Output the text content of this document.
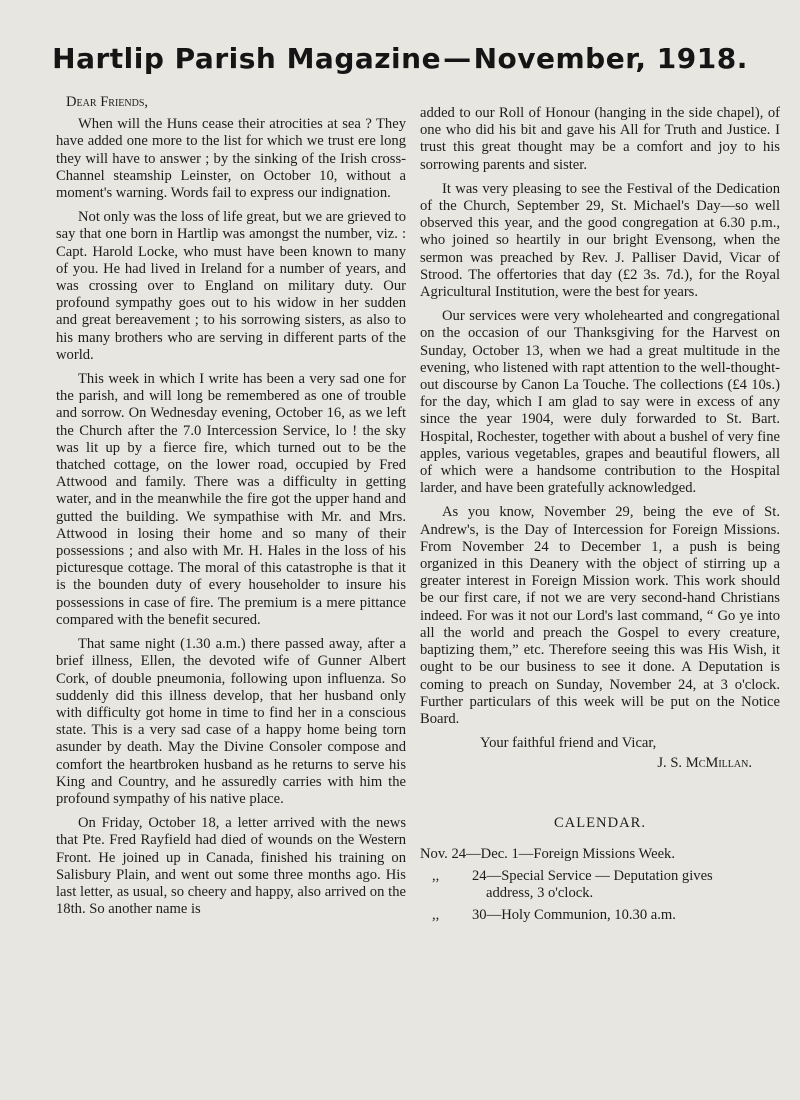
Hartlip Parish Magazine—November, 1918.
Dear Friends,

When will the Huns cease their atrocities at sea ? They have added one more to the list for which we trust ere long they will have to answer ; by the sinking of the Irish cross-Channel steamship Leinster, on October 10, without a moment's warning. Words fail to express our indignation.

Not only was the loss of life great, but we are grieved to say that one born in Hartlip was amongst the number, viz. : Capt. Harold Locke, who must have been known to many of you. He had lived in Ireland for a number of years, and was crossing over to England on military duty. Our profound sympathy goes out to his widow in her sudden and great bereavement ; to his sorrowing sisters, as also to his many brothers who are serving in different parts of the world.

This week in which I write has been a very sad one for the parish, and will long be remembered as one of trouble and sorrow. On Wednesday evening, October 16, as we left the Church after the 7.0 Intercession Service, lo ! the sky was lit up by a fierce fire, which turned out to be the thatched cottage, on the lower road, occupied by Fred Attwood and family. There was a difficulty in getting water, and in the meanwhile the fire got the upper hand and gutted the building. We sympathise with Mr. and Mrs. Attwood in losing their home and so many of their possessions ; and also with Mr. H. Hales in the loss of his picturesque cottage. The moral of this catastrophe is that it is the bounden duty of every householder to insure his possessions in case of fire. The premium is a mere pittance compared with the benefit secured.

That same night (1.30 a.m.) there passed away, after a brief illness, Ellen, the devoted wife of Gunner Albert Cork, of double pneumonia, following upon influenza. So suddenly did this illness develop, that her husband only with difficulty got home in time to find her in a conscious state. This is a very sad case of a happy home being torn asunder by death. May the Divine Consoler compose and comfort the heartbroken husband as he returns to serve his King and Country, and he assuredly carries with him the profound sympathy of his native place.

On Friday, October 18, a letter arrived with the news that Pte. Fred Rayfield had died of wounds on the Western Front. He joined up in Canada, finished his training on Salisbury Plain, and went out some three months ago. His last letter, as usual, so cheery and happy, also arrived on the 18th. So another name is

added to our Roll of Honour (hanging in the side chapel), of one who did his bit and gave his All for Truth and Justice. I trust this great thought may be a comfort and joy to his sorrowing parents and sister.

It was very pleasing to see the Festival of the Dedication of the Church, September 29, St. Michael's Day—so well observed this year, and the good congregation at 6.30 p.m., who joined so heartily in our bright Evensong, when the sermon was preached by Rev. J. Palliser David, Vicar of Strood. The offertories that day (£2 3s. 7d.), for the Royal Agricultural Institution, were the best for years.

Our services were very wholehearted and congregational on the occasion of our Thanksgiving for the Harvest on Sunday, October 13, when we had a great multitude in the evening, who listened with rapt attention to the well-thought-out discourse by Canon La Touche. The collections (£4 10s.) for the day, which I am glad to say were in excess of any since the year 1904, were duly forwarded to St. Bart. Hospital, Rochester, together with about a bushel of very fine apples, various vegetables, grapes and beautiful flowers, all of which were a handsome contribution to the Hospital larder, and have been gratefully acknowledged.

As you know, November 29, being the eve of St. Andrew's, is the Day of Intercession for Foreign Missions. From November 24 to December 1, a push is being organized in this Deanery with the object of stirring up a greater interest in Foreign Mission work. This work should be our first care, if not we are very second-hand Christians indeed. For was it not our Lord's last command, “ Go ye into all the world and preach the Gospel to every creature, baptizing them,” etc. Therefore seeing this was His Wish, it ought to be our business to see it done. A Deputation is coming to preach on Sunday, November 24, at 3 o'clock. Further particulars of this week will be put on the Notice Board.

Your faithful friend and Vicar,
J. S. McMillan.
CALENDAR.
Nov. 24 —Dec. 1—Foreign Missions Week.
,,	24—Special Service — Deputation gives
address, 3 o'clock.
,,	30—Holy Communion, 10.30 a.m.
